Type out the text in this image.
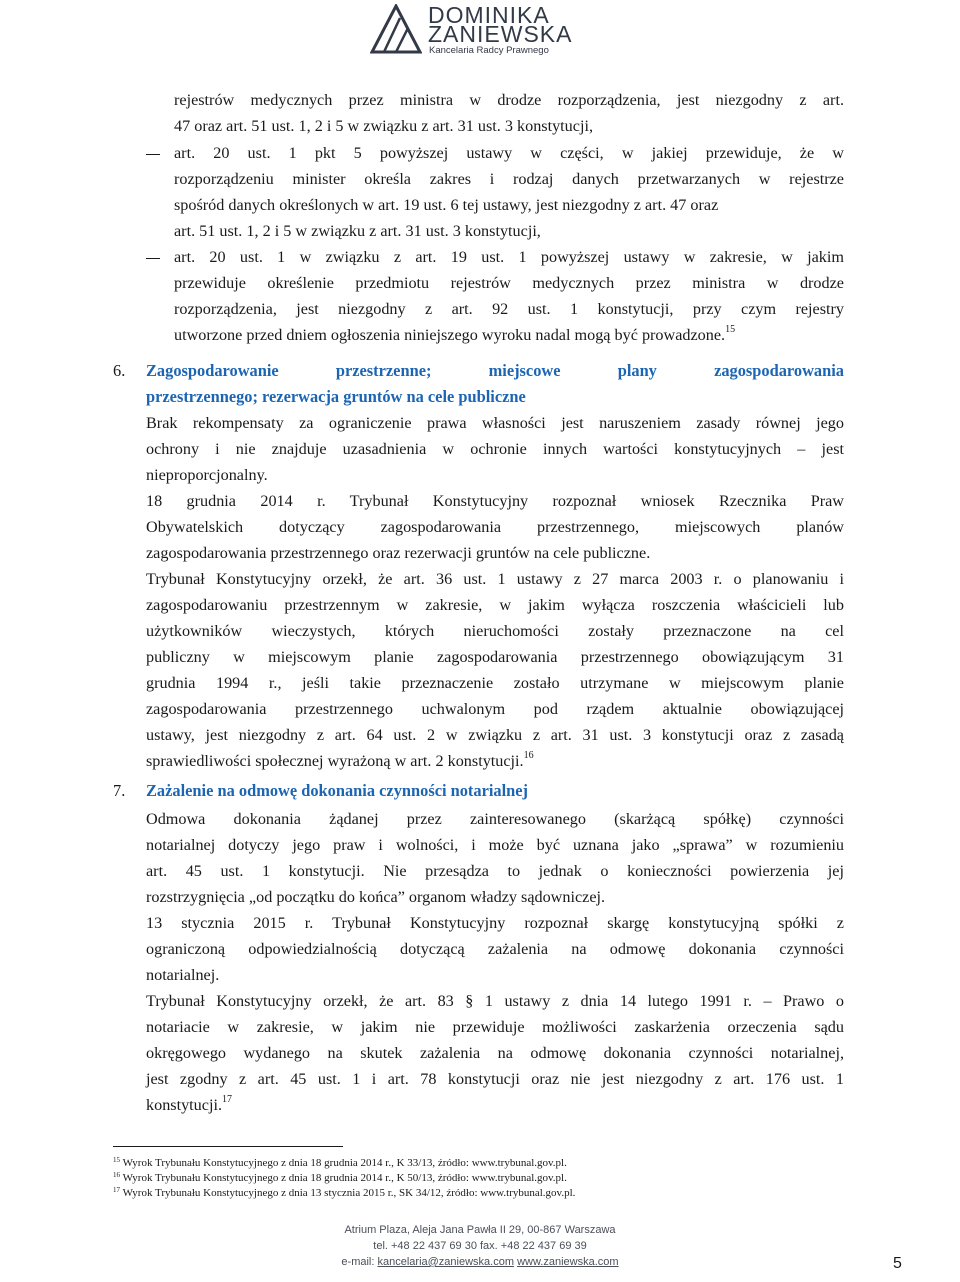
DOMINIKA
ZANIEWSKA
Kancelaria Radcy Prawnego
rejestrów medycznych przez ministra w drodze rozporządzenia, jest niezgodny z art.
47 oraz art. 51 ust. 1, 2 i 5 w związku z art. 31 ust. 3 konstytucji,
art. 20 ust. 1 pkt 5 powyższej ustawy w części, w jakiej przewiduje, że w
rozporządzeniu minister określa zakres i rodzaj danych przetwarzanych w rejestrze
spośród danych określonych w art. 19 ust. 6 tej ustawy, jest niezgodny z art. 47 oraz
art. 51 ust. 1, 2 i 5 w związku z art. 31 ust. 3 konstytucji,
art. 20 ust. 1 w związku z art. 19 ust. 1 powyższej ustawy w zakresie, w jakim
przewiduje określenie przedmiotu rejestrów medycznych przez ministra w drodze
rozporządzenia, jest niezgodny z art. 92 ust. 1 konstytucji, przy czym rejestry
utworzone przed dniem ogłoszenia niniejszego wyroku nadal mogą być prowadzone.$^{15}$
6. Zagospodarowanie przestrzenne; miejscowe plany zagospodarowania
przestrzennego; rezerwacja gruntów na cele publiczne
Brak rekompensaty za ograniczenie prawa własności jest naruszeniem zasady równej jego
ochrony i nie znajduje uzasadnienia w ochronie innych wartości konstytucyjnych – jest
nieproporcjonalny.
18 grudnia 2014 r. Trybunał Konstytucyjny rozpoznał wniosek Rzecznika Praw
Obywatelskich dotyczący zagospodarowania przestrzennego, miejscowych planów
zagospodarowania przestrzennego oraz rezerwacji gruntów na cele publiczne.
Trybunał Konstytucyjny orzekł, że art. 36 ust. 1 ustawy z 27 marca 2003 r. o planowaniu i
zagospodarowaniu przestrzennym w zakresie, w jakim wyłącza roszczenia właścicieli lub
użytkowników wieczystych, których nieruchomości zostały przeznaczone na cel
publiczny w miejscowym planie zagospodarowania przestrzennego obowiązującym 31
grudnia 1994 r., jeśli takie przeznaczenie zostało utrzymane w miejscowym planie
zagospodarowania przestrzennego uchwalonym pod rządem aktualnie obowiązującej
ustawy, jest niezgodny z art. 64 ust. 2 w związku z art. 31 ust. 3 konstytucji oraz z zasadą
sprawiedliwości społecznej wyrażoną w art. 2 konstytucji.$^{16}$
7. Zażalenie na odmowę dokonania czynności notarialnej
Odmowa dokonania żądanej przez zainteresowanego (skarżącą spółkę) czynności
notarialnej dotyczy jego praw i wolności, i może być uznana jako „sprawa” w rozumieniu
art. 45 ust. 1 konstytucji. Nie przesądza to jednak o konieczności powierzenia jej
rozstrzygnięcia „od początku do końca” organom władzy sądowniczej.
13 stycznia 2015 r. Trybunał Konstytucyjny rozpoznał skargę konstytucyjną spółki z
ograniczoną odpowiedzialnością dotyczącą zażalenia na odmowę dokonania czynności
notarialnej.
Trybunał Konstytucyjny orzekł, że art. 83 § 1 ustawy z dnia 14 lutego 1991 r. – Prawo o
notariacie w zakresie, w jakim nie przewiduje możliwości zaskarżenia orzeczenia sądu
okręgowego wydanego na skutek zażalenia na odmowę dokonania czynności notarialnej,
jest zgodny z art. 45 ust. 1 i art. 78 konstytucji oraz nie jest niezgodny z art. 176 ust. 1
konstytucji.$^{17}$
$^{15}$ Wyrok Trybunału Konstytucyjnego z dnia 18 grudnia 2014 r., K 33/13, źródło: www.trybunal.gov.pl.
$^{16}$ Wyrok Trybunału Konstytucyjnego z dnia 18 grudnia 2014 r., K 50/13, źródło: www.trybunal.gov.pl.
$^{17}$ Wyrok Trybunału Konstytucyjnego z dnia 13 stycznia 2015 r., SK 34/12, źródło: www.trybunal.gov.pl.
Atrium Plaza, Aleja Jana Pawła II 29, 00-867 Warszawa
tel. +48 22 437 69 30 fax. +48 22 437 69 39
e-mail: kancelaria@zaniewska.com www.zaniewska.com	5
